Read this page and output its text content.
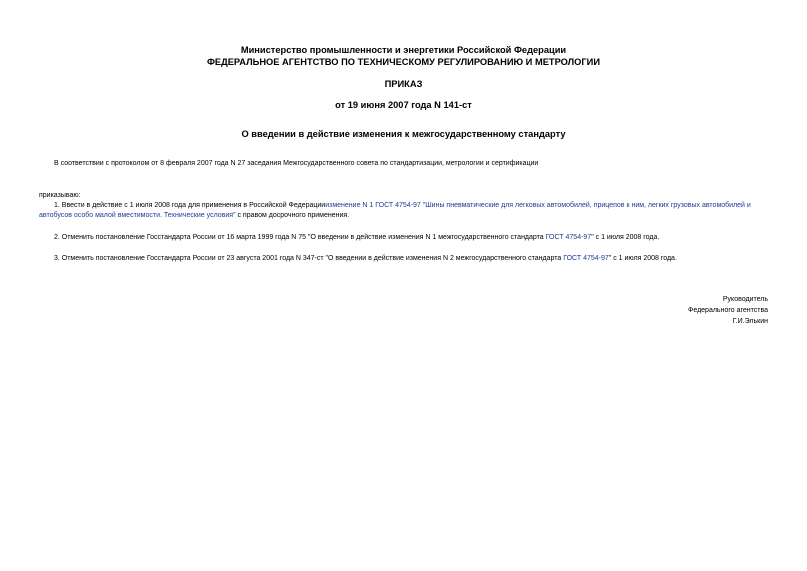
Министерство промышленности и энергетики Российской Федерации
ФЕДЕРАЛЬНОЕ АГЕНТСТВО ПО ТЕХНИЧЕСКОМУ РЕГУЛИРОВАНИЮ И МЕТРОЛОГИИ
ПРИКАЗ
от 19 июня 2007 года N 141-ст
О введении в действие изменения к межгосударственному стандарту
В соответствии с протоколом от 8 февраля 2007 года N 27 заседания Межгосударственного совета по стандартизации, метрологии и сертификации
приказываю:
1. Ввести в действие с 1 июля 2008 года для применения в Российской Федерацииизменение N 1 ГОСТ 4754-97 "Шины пневматические для легковых автомобилей, прицепов к ним, легких грузовых автомобилей и автобусов особо малой вместимости. Технические условия" с правом досрочного применения.
2. Отменить постановление Госстандарта России от 16 марта 1999 года N 75 "О введении в действие изменения N 1 межгосударственного стандарта ГОСТ 4754-97" с 1 июля 2008 года.
3. Отменить постановление Госстандарта России от 23 августа 2001 года N 347-ст "О введении в действие изменения N 2 межгосударственного стандарта ГОСТ 4754-97" с 1 июля 2008 года.
Руководитель
Федерального агентства
Г.И.Элькин
